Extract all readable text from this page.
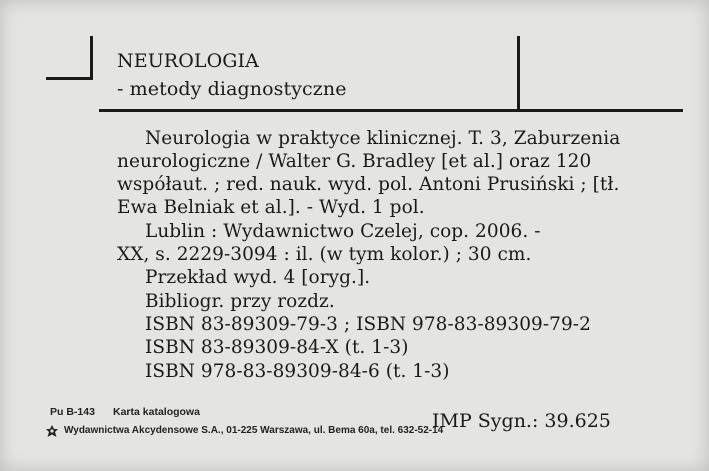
NEUROLOGIA
- metody diagnostyczne
Neurologia w praktyce klinicznej. T. 3, Zaburzenia
neurologiczne / Walter G. Bradley [et al.] oraz 120
współaut. ; red. nauk. wyd. pol. Antoni Prusiński ; [tł.
Ewa Belniak et al.]. - Wyd. 1 pol.
Lublin : Wydawnictwo Czelej, cop. 2006. -
XX, s. 2229-3094 : il. (w tym kolor.) ; 30 cm.
Przekład wyd. 4 [oryg.].
Bibliogr. przy rozdz.
ISBN 83-89309-79-3 ; ISBN 978-83-89309-79-2
ISBN 83-89309-84-X (t. 1-3)
ISBN 978-83-89309-84-6 (t. 1-3)
Pu B-143 Karta katalogowa
Wydawnictwa Akcydensowe S.A., 01-225 Warszawa, ul. Bema 60a, tel. 632-52-14
IMP Sygn.: 39.625
